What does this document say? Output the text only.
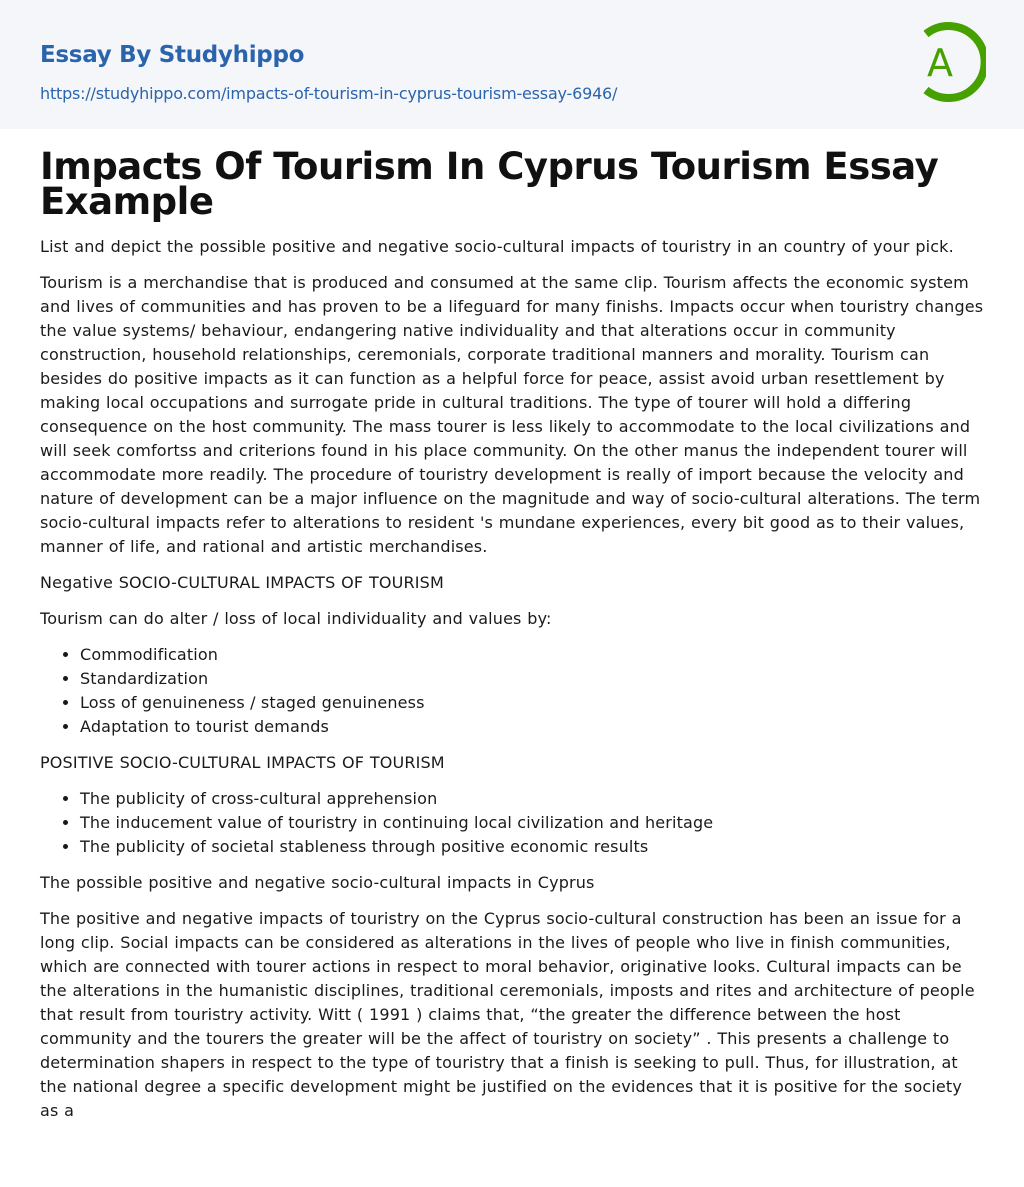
Essay By Studyhippo
https://studyhippo.com/impacts-of-tourism-in-cyprus-tourism-essay-6946/
A
Impacts Of Tourism In Cyprus Tourism Essay Example

List and depict the possible positive and negative socio-cultural impacts of touristry in an country of your pick.

Tourism is a merchandise that is produced and consumed at the same clip. Tourism affects the economic system and lives of communities and has proven to be a lifeguard for many finishs. Impacts occur when touristry changes the value systems/ behaviour, endangering native individuality and that alterations occur in community construction, household relationships, ceremonials, corporate traditional manners and morality. Tourism can besides do positive impacts as it can function as a helpful force for peace, assist avoid urban resettlement by making local occupations and surrogate pride in cultural traditions. The type of tourer will hold a differing consequence on the host community. The mass tourer is less likely to accommodate to the local civilizations and will seek comfortss and criterions found in his place community. On the other manus the independent tourer will accommodate more readily. The procedure of touristry development is really of import because the velocity and nature of development can be a major influence on the magnitude and way of socio-cultural alterations. The term socio-cultural impacts refer to alterations to resident 's mundane experiences, every bit good as to their values, manner of life, and rational and artistic merchandises.

Negative SOCIO-CULTURAL IMPACTS OF TOURISM

Tourism can do alter / loss of local individuality and values by:

• Commodification
• Standardization
• Loss of genuineness / staged genuineness
• Adaptation to tourist demands

POSITIVE SOCIO-CULTURAL IMPACTS OF TOURISM

• The publicity of cross-cultural apprehension
• The inducement value of touristry in continuing local civilization and heritage
• The publicity of societal stableness through positive economic results

The possible positive and negative socio-cultural impacts in Cyprus

The positive and negative impacts of touristry on the Cyprus socio-cultural construction has been an issue for a long clip. Social impacts can be considered as alterations in the lives of people who live in finish communities, which are connected with tourer actions in respect to moral behavior, originative looks. Cultural impacts can be the alterations in the humanistic disciplines, traditional ceremonials, imposts and rites and architecture of people that result from touristry activity. Witt ( 1991 ) claims that, “the greater the difference between the host community and the tourers the greater will be the affect of touristry on society” . This presents a challenge to determination shapers in respect to the type of touristry that a finish is seeking to pull. Thus, for illustration, at the national degree a specific development might be justified on the evidences that it is positive for the society as a
